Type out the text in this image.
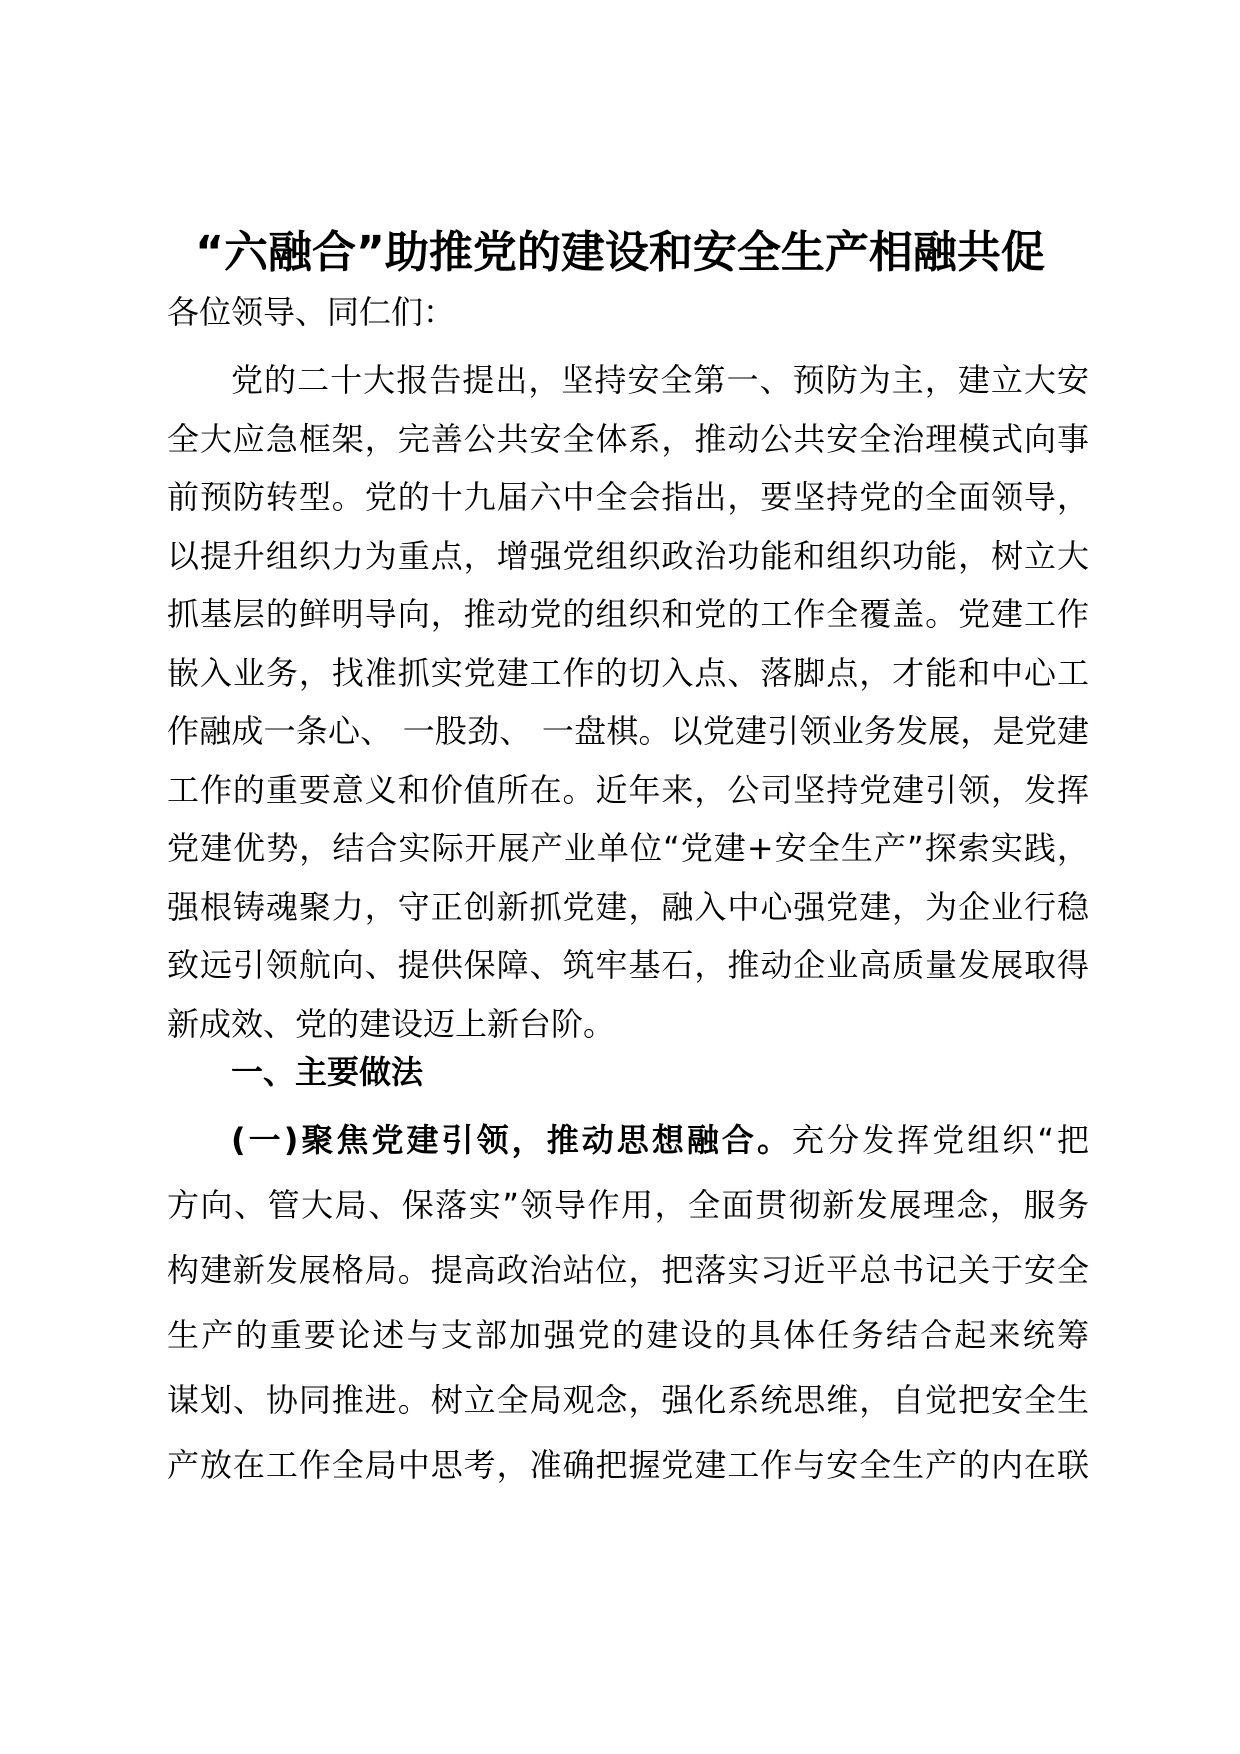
“六融合”助推党的建设和安全生产相融共促

各位领导、同仁们：

党的二十大报告提出，坚持安全第一、预防为主，建立大安
全大应急框架，完善公共安全体系，推动公共安全治理模式向事
前预防转型。党的十九届六中全会指出，要坚持党的全面领导，
以提升组织力为重点，增强党组织政治功能和组织功能，树立大
抓基层的鲜明导向，推动党的组织和党的工作全覆盖。党建工作
嵌入业务，找准抓实党建工作的切入点、落脚点，才能和中心工
作融成一条心、 一股劲、 一盘棋。以党建引领业务发展，是党建
工作的重要意义和价值所在。近年来，公司坚持党建引领，发挥
党建优势，结合实际开展产业单位“党建+安全生产”探索实践，
强根铸魂聚力，守正创新抓党建，融入中心强党建，为企业行稳
致远引领航向、提供保障、筑牢基石，推动企业高质量发展取得
新成效、党的建设迈上新台阶。
一、主要做法
(一)聚焦党建引领，推动思想融合。充分发挥党组织“把
方向、管大局、保落实”领导作用，全面贯彻新发展理念，服务
构建新发展格局。提高政治站位，把落实习近平总书记关于安全
生产的重要论述与支部加强党的建设的具体任务结合起来统筹
谋划、协同推进。树立全局观念，强化系统思维，自觉把安全生
产放在工作全局中思考，准确把握党建工作与安全生产的内在联
